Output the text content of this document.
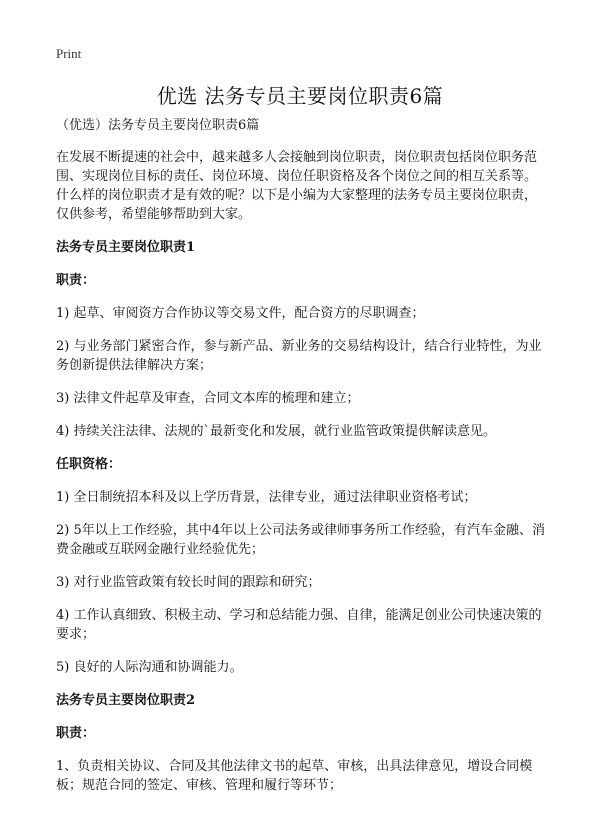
Print
优选 法务专员主要岗位职责6篇

（优选）法务专员主要岗位职责6篇

在发展不断提速的社会中，越来越多人会接触到岗位职责，岗位职责包括岗位职务范围、实现岗位目标的责任、岗位环境、岗位任职资格及各个岗位之间的相互关系等。什么样的岗位职责才是有效的呢？以下是小编为大家整理的法务专员主要岗位职责，仅供参考，希望能够帮助到大家。

法务专员主要岗位职责1

职责：

1) 起草、审阅资方合作协议等交易文件，配合资方的尽职调查；

2) 与业务部门紧密合作，参与新产品、新业务的交易结构设计，结合行业特性，为业务创新提供法律解决方案；

3) 法律文件起草及审查，合同文本库的梳理和建立；

4) 持续关注法律、法规的`最新变化和发展，就行业监管政策提供解读意见。

任职资格：

1) 全日制统招本科及以上学历背景，法律专业，通过法律职业资格考试；

2) 5年以上工作经验，其中4年以上公司法务或律师事务所工作经验，有汽车金融、消费金融或互联网金融行业经验优先；

3) 对行业监管政策有较长时间的跟踪和研究；

4) 工作认真细致、积极主动、学习和总结能力强、自律，能满足创业公司快速决策的要求；

5) 良好的人际沟通和协调能力。

法务专员主要岗位职责2

职责：

1、负责相关协议、合同及其他法律文书的起草、审核，出具法律意见，增设合同模板；规范合同的签定、审核、管理和履行等环节；
